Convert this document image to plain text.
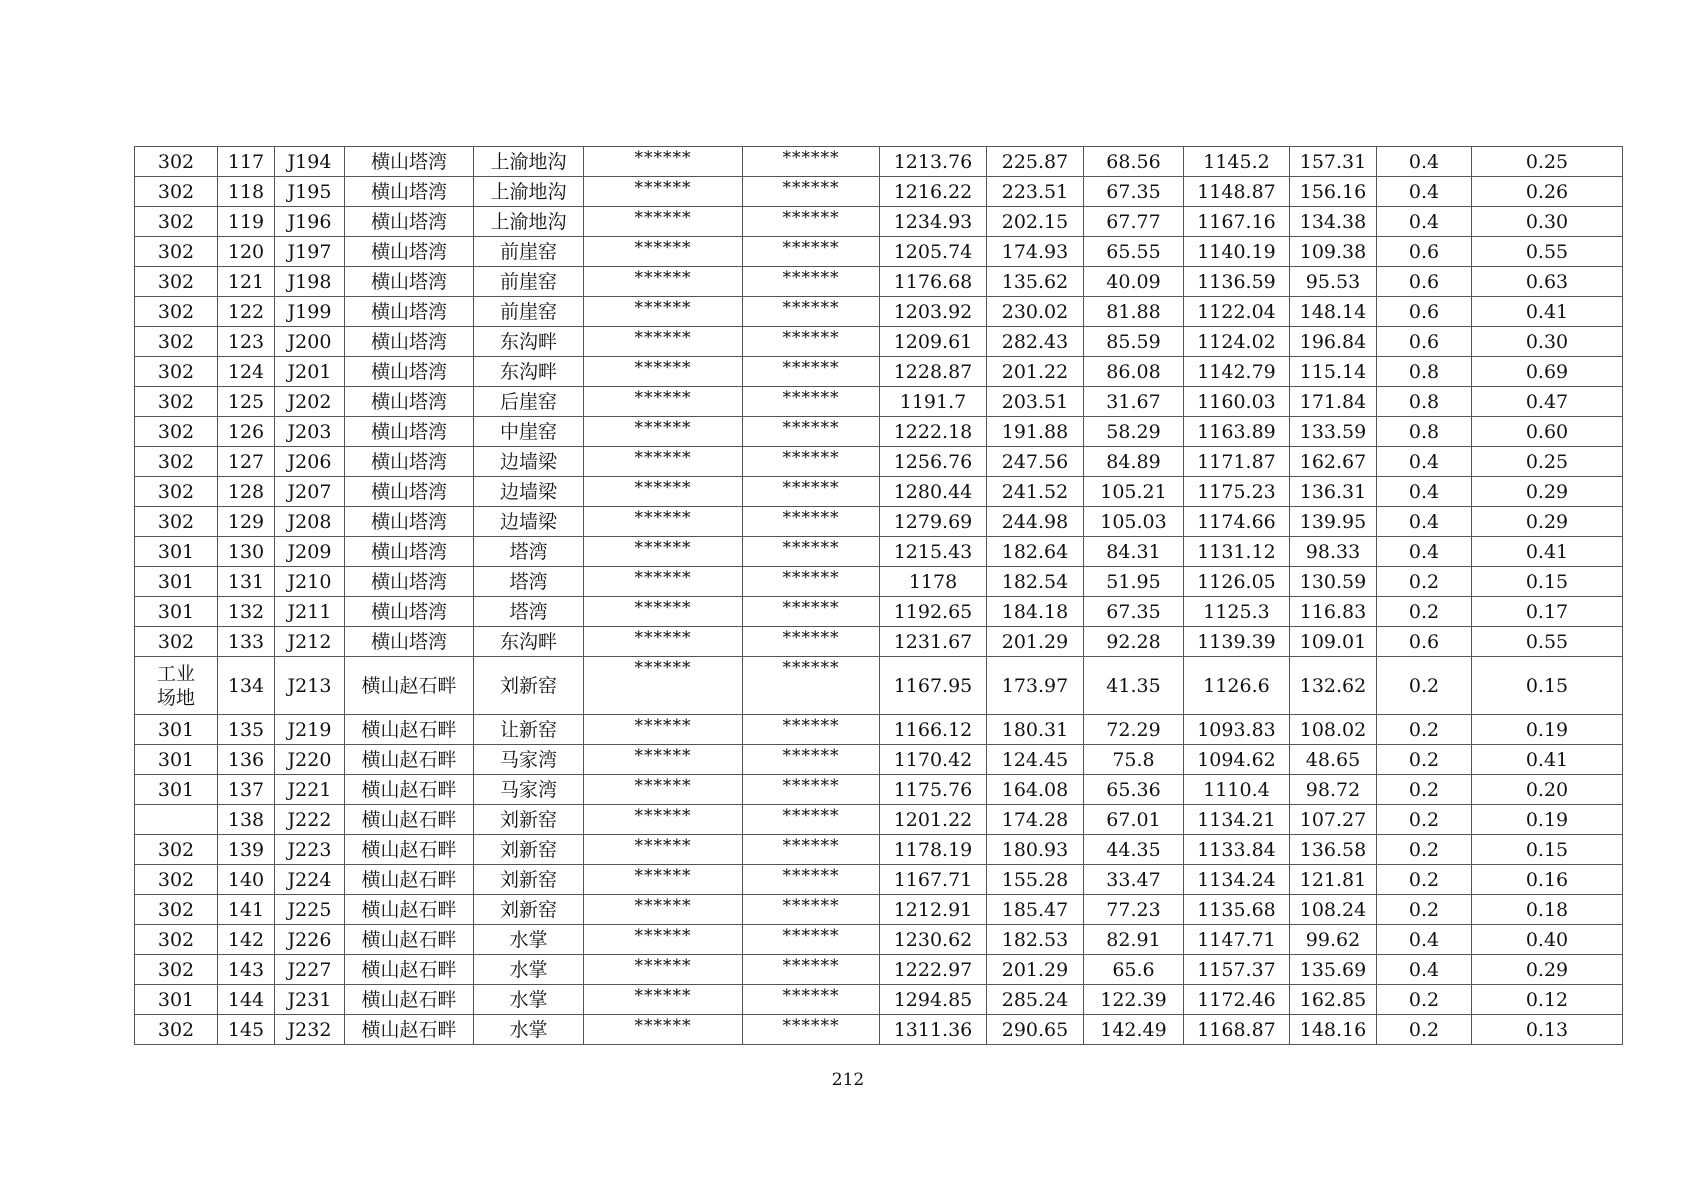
302	117	J194	横山塔湾	上渝地沟	******	******	1213.76	225.87	68.56	1145.2	157.31	0.4	0.25
302	118	J195	横山塔湾	上渝地沟	******	******	1216.22	223.51	67.35	1148.87	156.16	0.4	0.26
302	119	J196	横山塔湾	上渝地沟	******	******	1234.93	202.15	67.77	1167.16	134.38	0.4	0.30
302	120	J197	横山塔湾	前崖窑	******	******	1205.74	174.93	65.55	1140.19	109.38	0.6	0.55
302	121	J198	横山塔湾	前崖窑	******	******	1176.68	135.62	40.09	1136.59	95.53	0.6	0.63
302	122	J199	横山塔湾	前崖窑	******	******	1203.92	230.02	81.88	1122.04	148.14	0.6	0.41
302	123	J200	横山塔湾	东沟畔	******	******	1209.61	282.43	85.59	1124.02	196.84	0.6	0.30
302	124	J201	横山塔湾	东沟畔	******	******	1228.87	201.22	86.08	1142.79	115.14	0.8	0.69
302	125	J202	横山塔湾	后崖窑	******	******	1191.7	203.51	31.67	1160.03	171.84	0.8	0.47
302	126	J203	横山塔湾	中崖窑	******	******	1222.18	191.88	58.29	1163.89	133.59	0.8	0.60
302	127	J206	横山塔湾	边墙梁	******	******	1256.76	247.56	84.89	1171.87	162.67	0.4	0.25
302	128	J207	横山塔湾	边墙梁	******	******	1280.44	241.52	105.21	1175.23	136.31	0.4	0.29
302	129	J208	横山塔湾	边墙梁	******	******	1279.69	244.98	105.03	1174.66	139.95	0.4	0.29
301	130	J209	横山塔湾	塔湾	******	******	1215.43	182.64	84.31	1131.12	98.33	0.4	0.41
301	131	J210	横山塔湾	塔湾	******	******	1178	182.54	51.95	1126.05	130.59	0.2	0.15
301	132	J211	横山塔湾	塔湾	******	******	1192.65	184.18	67.35	1125.3	116.83	0.2	0.17
302	133	J212	横山塔湾	东沟畔	******	******	1231.67	201.29	92.28	1139.39	109.01	0.6	0.55
工业
场地	134	J213	横山赵石畔	刘新窑	******	******	1167.95	173.97	41.35	1126.6	132.62	0.2	0.15
301	135	J219	横山赵石畔	让新窑	******	******	1166.12	180.31	72.29	1093.83	108.02	0.2	0.19
301	136	J220	横山赵石畔	马家湾	******	******	1170.42	124.45	75.8	1094.62	48.65	0.2	0.41
301	137	J221	横山赵石畔	马家湾	******	******	1175.76	164.08	65.36	1110.4	98.72	0.2	0.20
	138	J222	横山赵石畔	刘新窑	******	******	1201.22	174.28	67.01	1134.21	107.27	0.2	0.19
302	139	J223	横山赵石畔	刘新窑	******	******	1178.19	180.93	44.35	1133.84	136.58	0.2	0.15
302	140	J224	横山赵石畔	刘新窑	******	******	1167.71	155.28	33.47	1134.24	121.81	0.2	0.16
302	141	J225	横山赵石畔	刘新窑	******	******	1212.91	185.47	77.23	1135.68	108.24	0.2	0.18
302	142	J226	横山赵石畔	水掌	******	******	1230.62	182.53	82.91	1147.71	99.62	0.4	0.40
302	143	J227	横山赵石畔	水掌	******	******	1222.97	201.29	65.6	1157.37	135.69	0.4	0.29
301	144	J231	横山赵石畔	水掌	******	******	1294.85	285.24	122.39	1172.46	162.85	0.2	0.12
302	145	J232	横山赵石畔	水掌	******	******	1311.36	290.65	142.49	1168.87	148.16	0.2	0.13
212
